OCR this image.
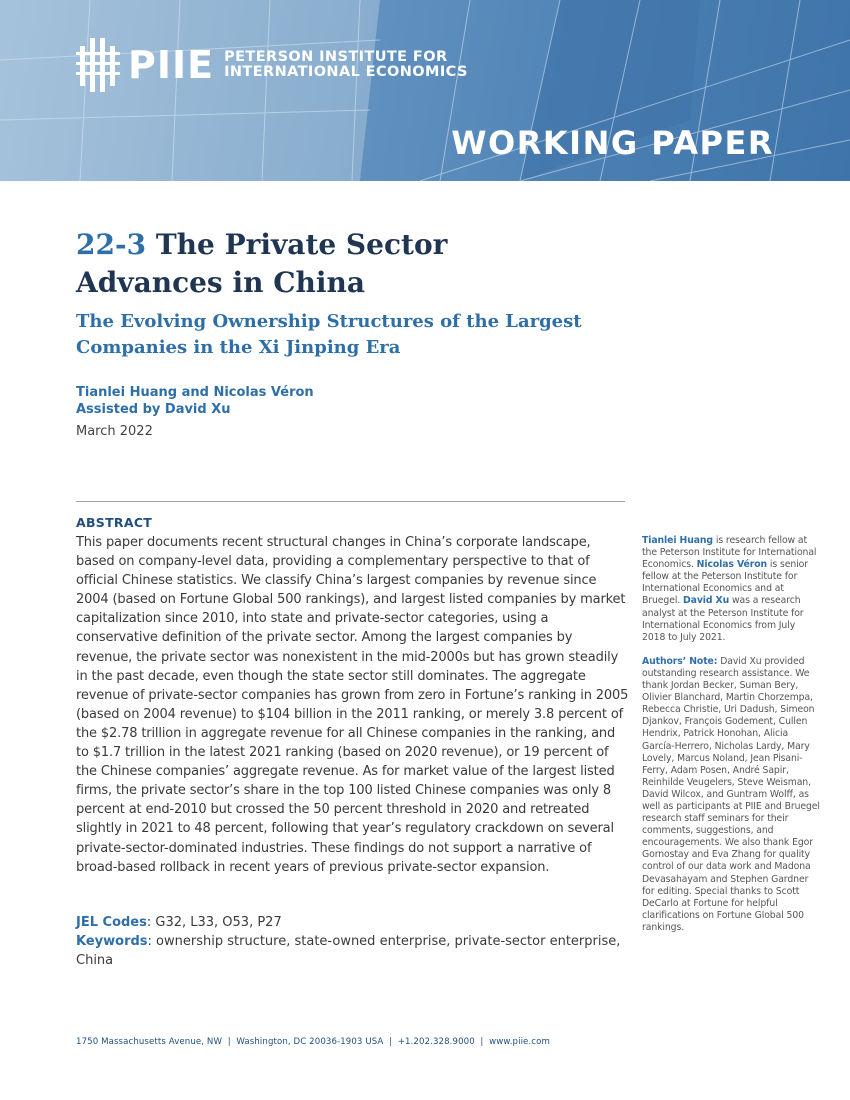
PIIE PETERSON INSTITUTE FOR
INTERNATIONAL ECONOMICS
WORKING PAPER
22-3 The Private Sector
Advances in China
The Evolving Ownership Structures of the Largest
Companies in the Xi Jinping Era
Tianlei Huang and Nicolas Véron
Assisted by David Xu
March 2022
ABSTRACT

This paper documents recent structural changes in China’s corporate landscape, based on company-level data, providing a complementary perspective to that of official Chinese statistics. We classify China’s largest companies by revenue since 2004 (based on Fortune Global 500 rankings), and largest listed companies by market capitalization since 2010, into state and private-sector categories, using a conservative definition of the private sector. Among the largest companies by revenue, the private sector was nonexistent in the mid-2000s but has grown steadily in the past decade, even though the state sector still dominates. The aggregate revenue of private-sector companies has grown from zero in Fortune’s ranking in 2005 (based on 2004 revenue) to $104 billion in the 2011 ranking, or merely 3.8 percent of the $2.78 trillion in aggregate revenue for all Chinese companies in the ranking, and to $1.7 trillion in the latest 2021 ranking (based on 2020 revenue), or 19 percent of the Chinese companies’ aggregate revenue. As for market value of the largest listed firms, the private sector’s share in the top 100 listed Chinese companies was only 8 percent at end-2010 but crossed the 50 percent threshold in 2020 and retreated slightly in 2021 to 48 percent, following that year’s regulatory crackdown on several private-sector-dominated industries. These findings do not support a narrative of broad-based rollback in recent years of previous private-sector expansion.

JEL Codes: G32, L33, O53, P27
Keywords: ownership structure, state-owned enterprise, private-sector enterprise, China

Tianlei Huang is research fellow at the Peterson Institute for International Economics. Nicolas Véron is senior fellow at the Peterson Institute for International Economics and at Bruegel. David Xu was a research analyst at the Peterson Institute for International Economics from July 2018 to July 2021.

Authors’ Note: David Xu provided outstanding research assistance. We thank Jordan Becker, Suman Bery, Olivier Blanchard, Martin Chorzempa, Rebecca Christie, Uri Dadush, Simeon Djankov, François Godement, Cullen Hendrix, Patrick Honohan, Alicia García-Herrero, Nicholas Lardy, Mary Lovely, Marcus Noland, Jean Pisani-Ferry, Adam Posen, André Sapir, Reinhilde Veugelers, Steve Weisman, David Wilcox, and Guntram Wolff, as well as participants at PIIE and Bruegel research staff seminars for their comments, suggestions, and encouragements. We also thank Egor Gornostay and Eva Zhang for quality control of our data work and Madona Devasahayam and Stephen Gardner for editing. Special thanks to Scott DeCarlo at Fortune for helpful clarifications on Fortune Global 500 rankings.

1750 Massachusetts Avenue, NW  |  Washington, DC 20036-1903 USA  |  +1.202.328.9000  |  www.piie.com
